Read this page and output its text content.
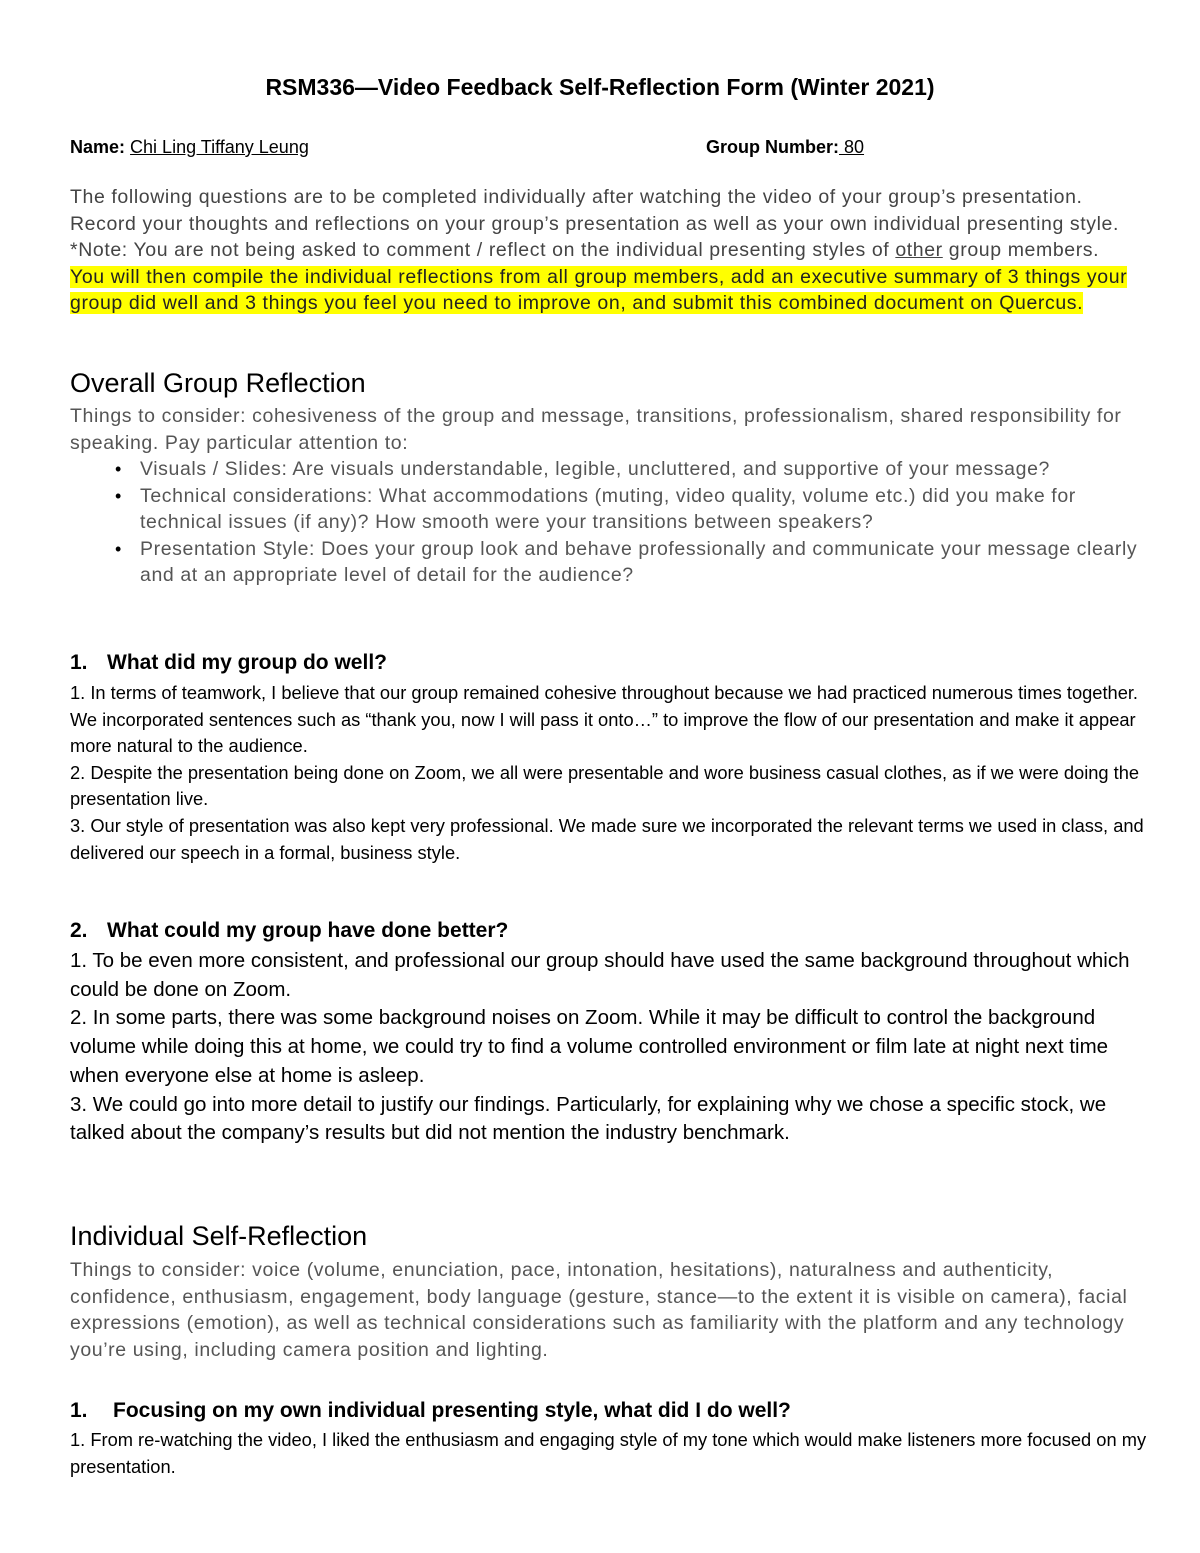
RSM336—Video Feedback Self-Reflection Form (Winter 2021)
Name: Chi Ling Tiffany Leung	Group Number: 80
The following questions are to be completed individually after watching the video of your group’s presentation. Record your thoughts and reflections on your group’s presentation as well as your own individual presenting style. *Note: You are not being asked to comment / reflect on the individual presenting styles of other group members. You will then compile the individual reflections from all group members, add an executive summary of 3 things your group did well and 3 things you feel you need to improve on, and submit this combined document on Quercus.
Overall Group Reflection
Things to consider: cohesiveness of the group and message, transitions, professionalism, shared responsibility for speaking. Pay particular attention to:
• Visuals / Slides: Are visuals understandable, legible, uncluttered, and supportive of your message?
• Technical considerations: What accommodations (muting, video quality, volume etc.) did you make for technical issues (if any)? How smooth were your transitions between speakers?
• Presentation Style: Does your group look and behave professionally and communicate your message clearly and at an appropriate level of detail for the audience?
1. What did my group do well?
1. In terms of teamwork, I believe that our group remained cohesive throughout because we had practiced numerous times together. We incorporated sentences such as “thank you, now I will pass it onto…” to improve the flow of our presentation and make it appear more natural to the audience.
2. Despite the presentation being done on Zoom, we all were presentable and wore business casual clothes, as if we were doing the presentation live.
3. Our style of presentation was also kept very professional. We made sure we incorporated the relevant terms we used in class, and delivered our speech in a formal, business style.
2. What could my group have done better?
1. To be even more consistent, and professional our group should have used the same background throughout which could be done on Zoom.
2. In some parts, there was some background noises on Zoom. While it may be difficult to control the background volume while doing this at home, we could try to find a volume controlled environment or film late at night next time when everyone else at home is asleep.
3. We could go into more detail to justify our findings. Particularly, for explaining why we chose a specific stock, we talked about the company’s results but did not mention the industry benchmark.
Individual Self-Reflection
Things to consider: voice (volume, enunciation, pace, intonation, hesitations), naturalness and authenticity, confidence, enthusiasm, engagement, body language (gesture, stance—to the extent it is visible on camera), facial expressions (emotion), as well as technical considerations such as familiarity with the platform and any technology you’re using, including camera position and lighting.
1. Focusing on my own individual presenting style, what did I do well?
1. From re-watching the video, I liked the enthusiasm and engaging style of my tone which would make listeners more focused on my presentation.
